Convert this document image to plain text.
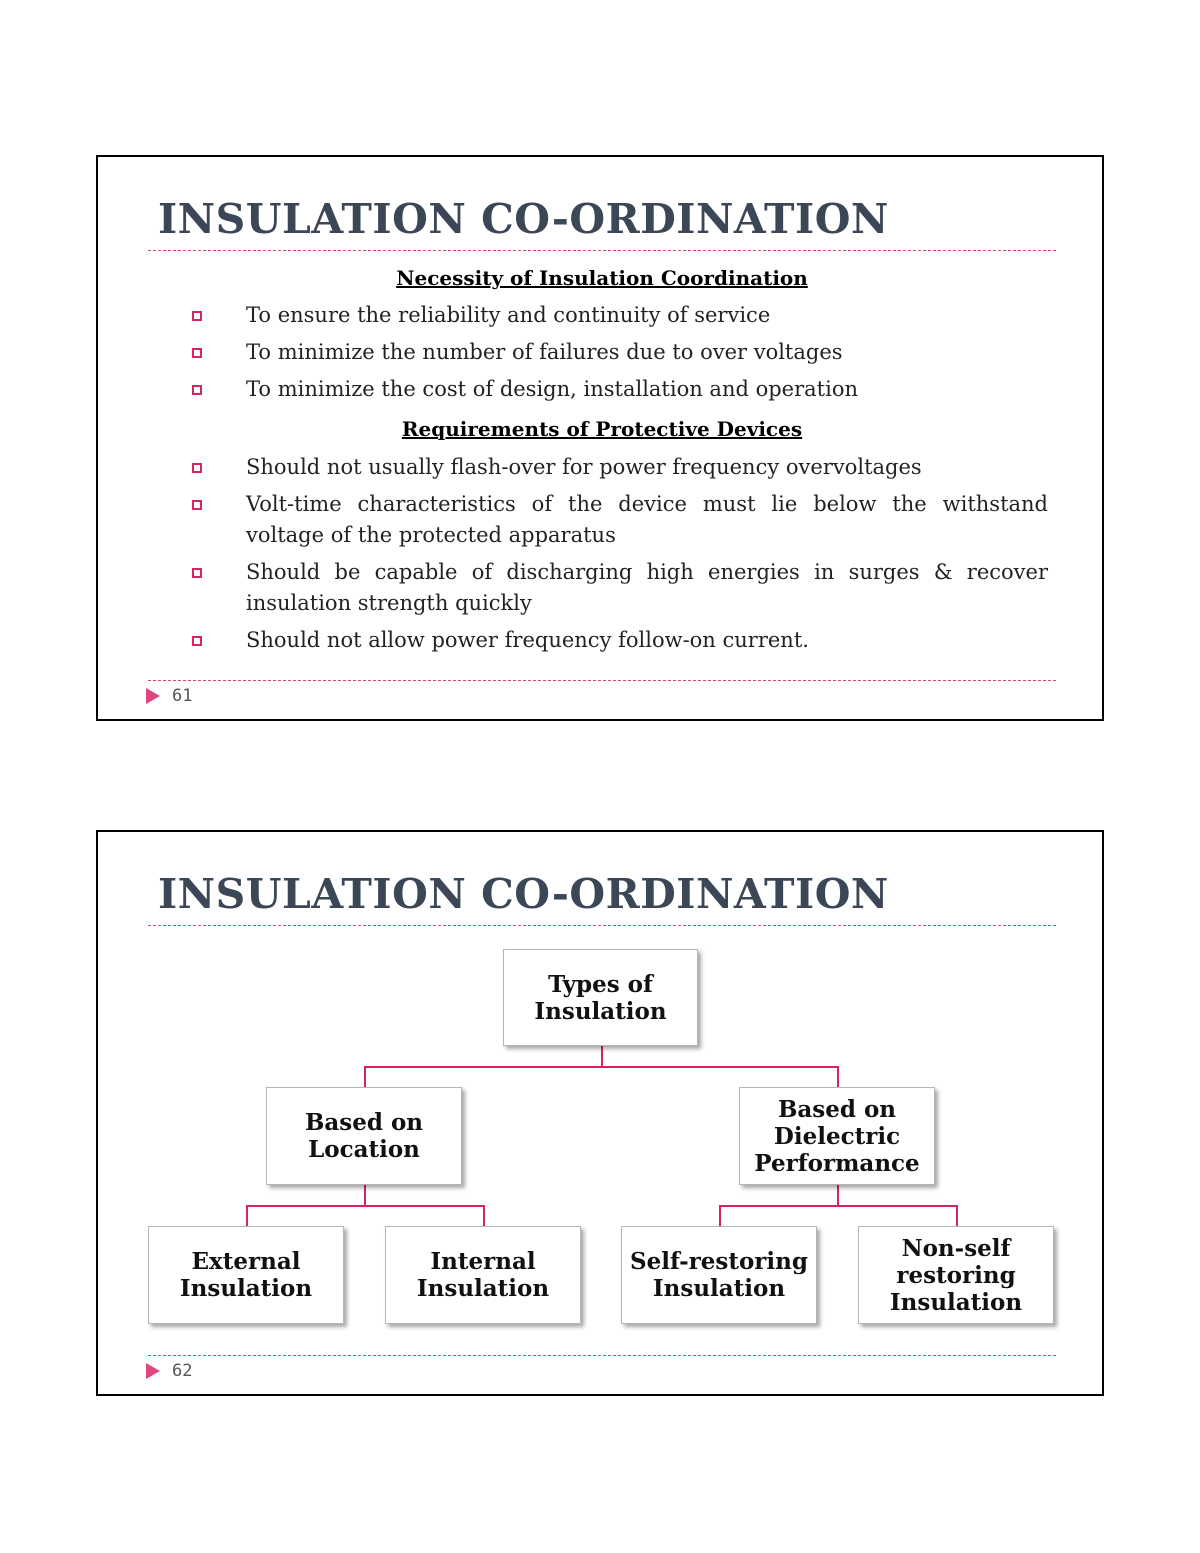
INSULATION CO-ORDINATION
Necessity of Insulation Coordination
To ensure the reliability and continuity of service
To minimize the number of failures due to over voltages
To minimize the cost of design, installation and operation
Requirements of Protective Devices
Should not usually flash-over for power frequency overvoltages
Volt-time characteristics of the device must lie below the withstand voltage of the protected apparatus
Should be capable of discharging high energies in surges & recover insulation strength quickly
Should not allow power frequency follow-on current.
61
INSULATION CO-ORDINATION
Types of Insulation
Based on Location
Based on Dielectric Performance
External Insulation
Internal Insulation
Self-restoring Insulation
Non-self restoring Insulation
62
